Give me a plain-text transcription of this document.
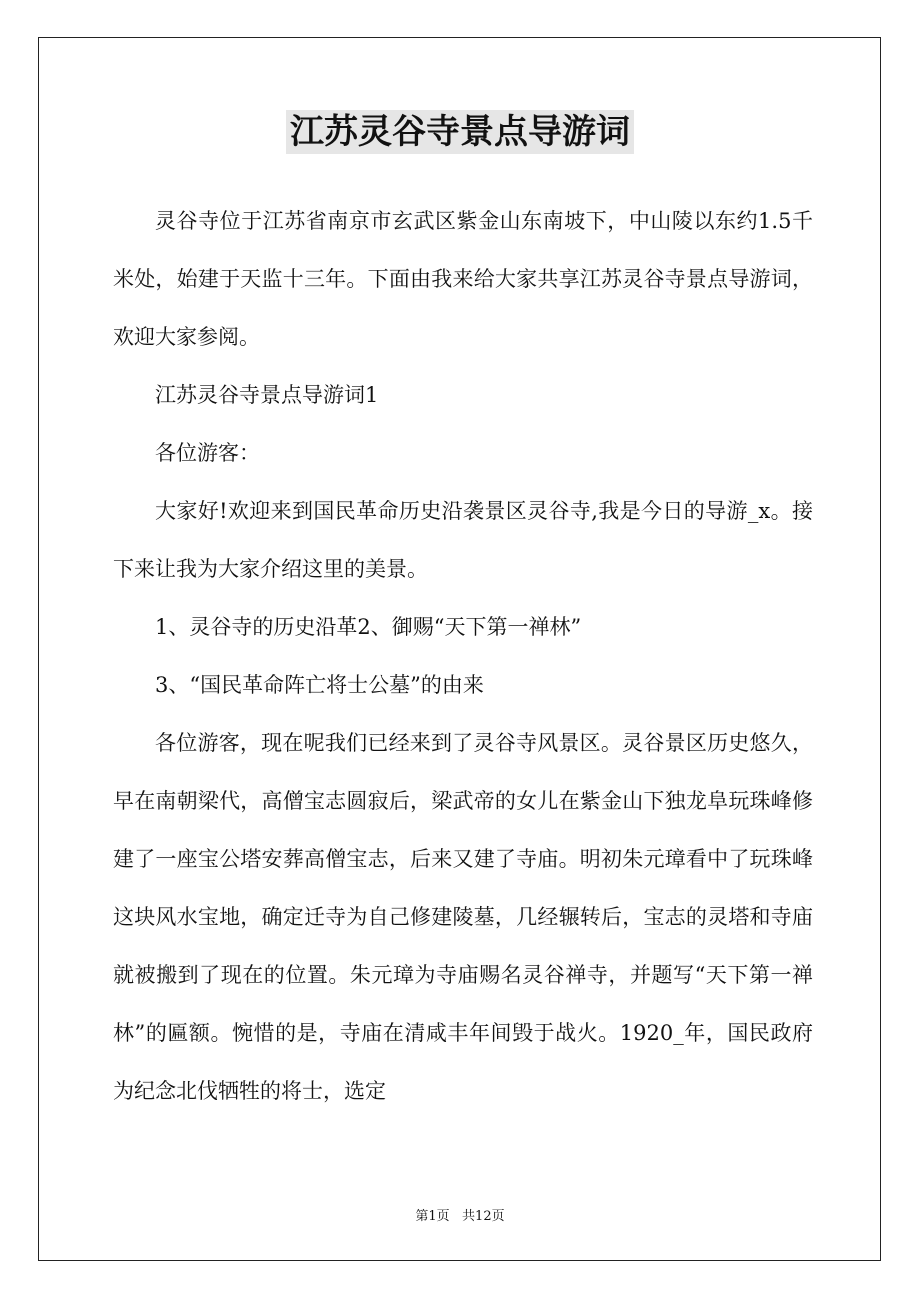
江苏灵谷寺景点导游词

灵谷寺位于江苏省南京市玄武区紫金山东南坡下，中山陵以东约1.5千米处，始建于天监十三年。下面由我来给大家共享江苏灵谷寺景点导游词，欢迎大家参阅。

江苏灵谷寺景点导游词1

各位游客：

大家好!欢迎来到国民革命历史沿袭景区灵谷寺,我是今日的导游_x。接下来让我为大家介绍这里的美景。

1、灵谷寺的历史沿革2、御赐“天下第一禅林”

3、“国民革命阵亡将士公墓”的由来

各位游客，现在呢我们已经来到了灵谷寺风景区。灵谷景区历史悠久，早在南朝梁代，高僧宝志圆寂后，梁武帝的女儿在紫金山下独龙阜玩珠峰修建了一座宝公塔安葬高僧宝志，后来又建了寺庙。明初朱元璋看中了玩珠峰这块风水宝地，确定迁寺为自己修建陵墓，几经辗转后，宝志的灵塔和寺庙就被搬到了现在的位置。朱元璋为寺庙赐名灵谷禅寺，并题写“天下第一禅林”的匾额。惋惜的是，寺庙在清咸丰年间毁于战火。1920_年，国民政府为纪念北伐牺牲的将士，选定

第1页   共12页
